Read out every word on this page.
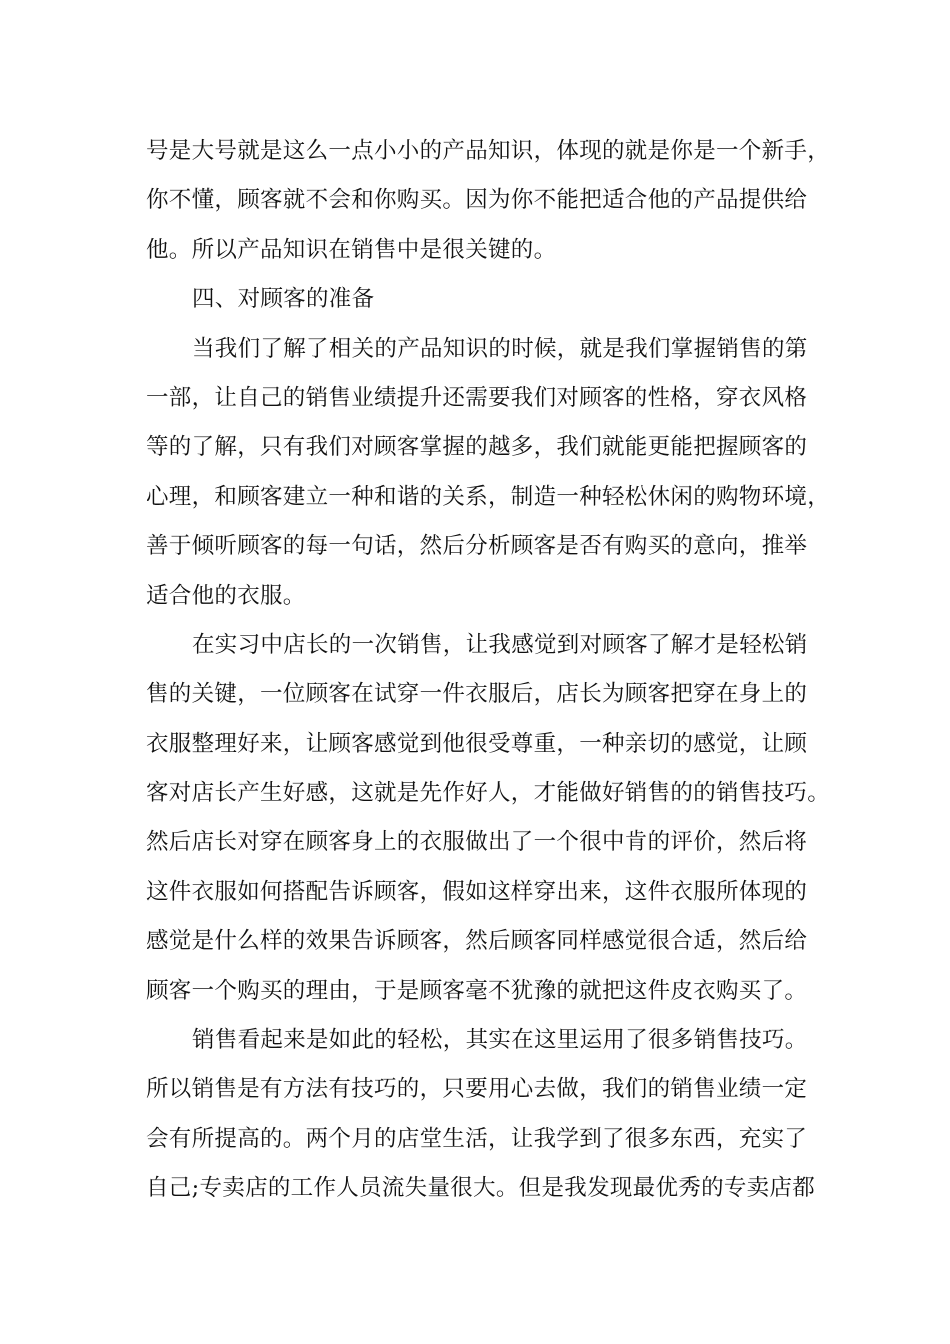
号是大号就是这么一点小小的产品知识，体现的就是你是一个新手，
你不懂，顾客就不会和你购买。因为你不能把适合他的产品提供给
他。所以产品知识在销售中是很关键的。
四、对顾客的准备
当我们了解了相关的产品知识的时候，就是我们掌握销售的第
一部，让自己的销售业绩提升还需要我们对顾客的性格，穿衣风格
等的了解，只有我们对顾客掌握的越多，我们就能更能把握顾客的
心理，和顾客建立一种和谐的关系，制造一种轻松休闲的购物环境，
善于倾听顾客的每一句话，然后分析顾客是否有购买的意向，推举
适合他的衣服。
在实习中店长的一次销售，让我感觉到对顾客了解才是轻松销
售的关键，一位顾客在试穿一件衣服后，店长为顾客把穿在身上的
衣服整理好来，让顾客感觉到他很受尊重，一种亲切的感觉，让顾
客对店长产生好感，这就是先作好人，才能做好销售的的销售技巧。
然后店长对穿在顾客身上的衣服做出了一个很中肯的评价，然后将
这件衣服如何搭配告诉顾客，假如这样穿出来，这件衣服所体现的
感觉是什么样的效果告诉顾客，然后顾客同样感觉很合适，然后给
顾客一个购买的理由，于是顾客毫不犹豫的就把这件皮衣购买了。
销售看起来是如此的轻松，其实在这里运用了很多销售技巧。
所以销售是有方法有技巧的，只要用心去做，我们的销售业绩一定
会有所提高的。两个月的店堂生活，让我学到了很多东西，充实了
自己;专卖店的工作人员流失量很大。但是我发现最优秀的专卖店都
